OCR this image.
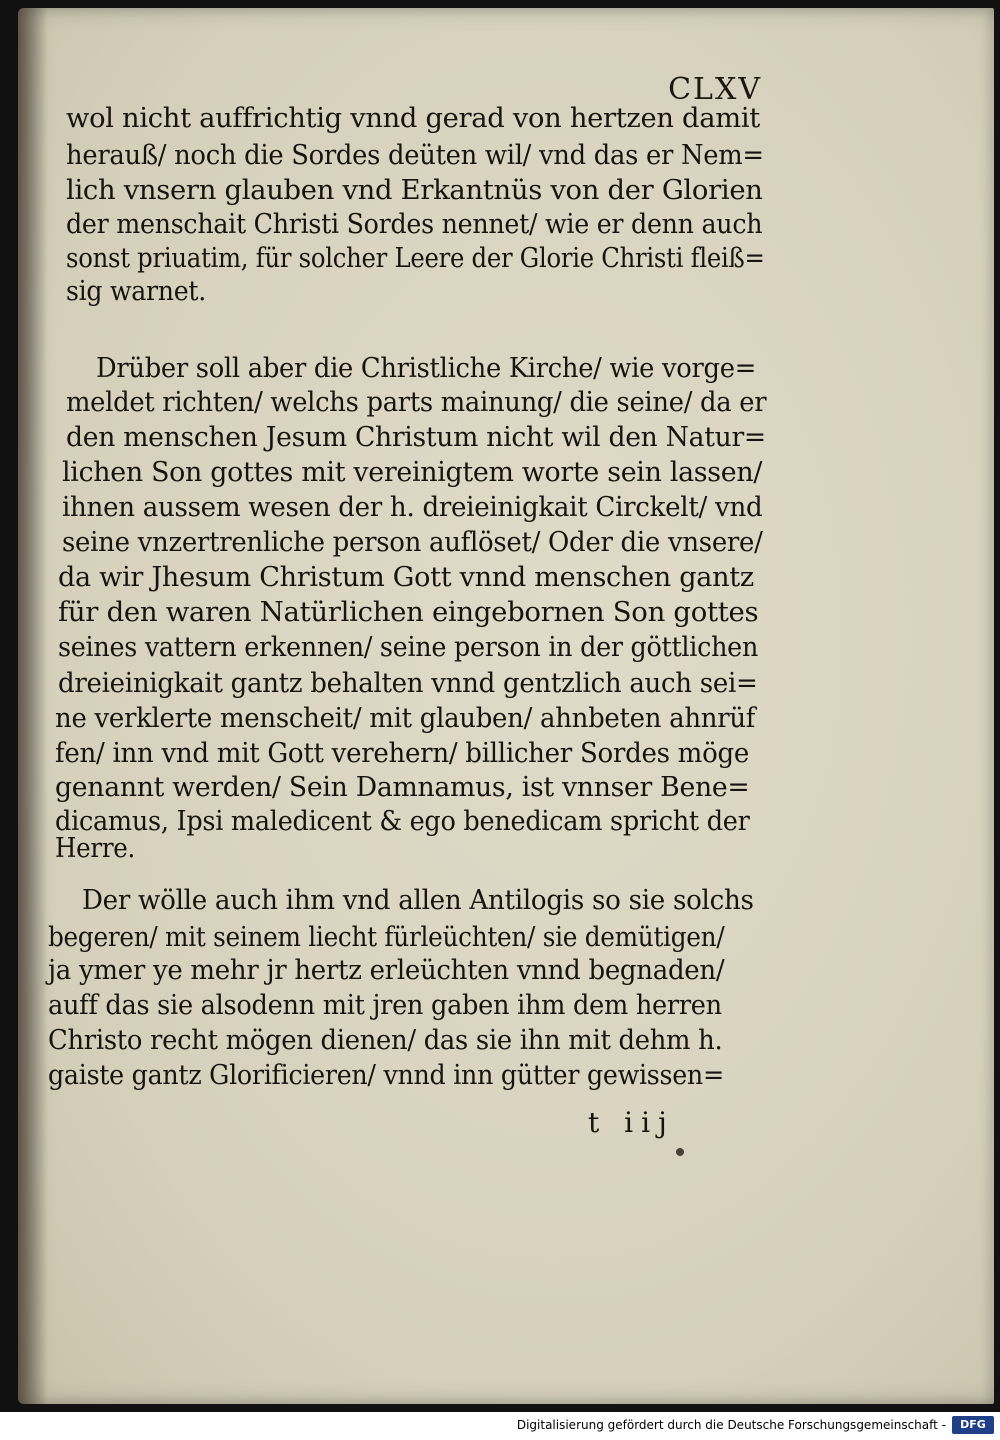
CLXV
wol nicht auffrichtig vnnd gerad von hertzen damit
herauß/ noch die Sordes deüten wil/ vnd das er Nem=
lich vnsern glauben vnd Erkantnüs von der Glorien
der menschait Christi Sordes nennet/ wie er denn auch
sonst priuatim, für solcher Leere der Glorie Christi fleiß=
sig warnet.
Drüber soll aber die Christliche Kirche/ wie vorge=
meldet richten/ welchs parts mainung/ die seine/ da er
den menschen Jesum Christum nicht wil den Natur=
lichen Son gottes mit vereinigtem worte sein lassen/
ihnen aussem wesen der h. dreieinigkait Circkelt/ vnd
seine vnzertrenliche person auflöset/ Oder die vnsere/
da wir Jhesum Christum Gott vnnd menschen gantz
für den waren Natürlichen eingebornen Son gottes
seines vattern erkennen/ seine person in der göttlichen
dreieinigkait gantz behalten vnnd gentzlich auch sei=
ne verklerte menscheit/ mit glauben/ ahnbeten ahnrüf
fen/ inn vnd mit Gott verehern/ billicher Sordes möge
genannt werden/ Sein Damnamus, ist vnnser Bene=
dicamus, Ipsi maledicent & ego benedicam spricht der
Herre.
Der wölle auch ihm vnd allen Antilogis so sie solchs
begeren/ mit seinem liecht fürleüchten/ sie demütigen/
ja ymer ye mehr jr hertz erleüchten vnnd begnaden/
auff das sie alsodenn mit jren gaben ihm dem herren
Christo recht mögen dienen/ das sie ihn mit dehm h.
gaiste gantz Glorificieren/ vnnd inn gütter gewissen=
t iij
Digitalisierung gefördert durch die Deutsche Forschungsgemeinschaft -	DFG
